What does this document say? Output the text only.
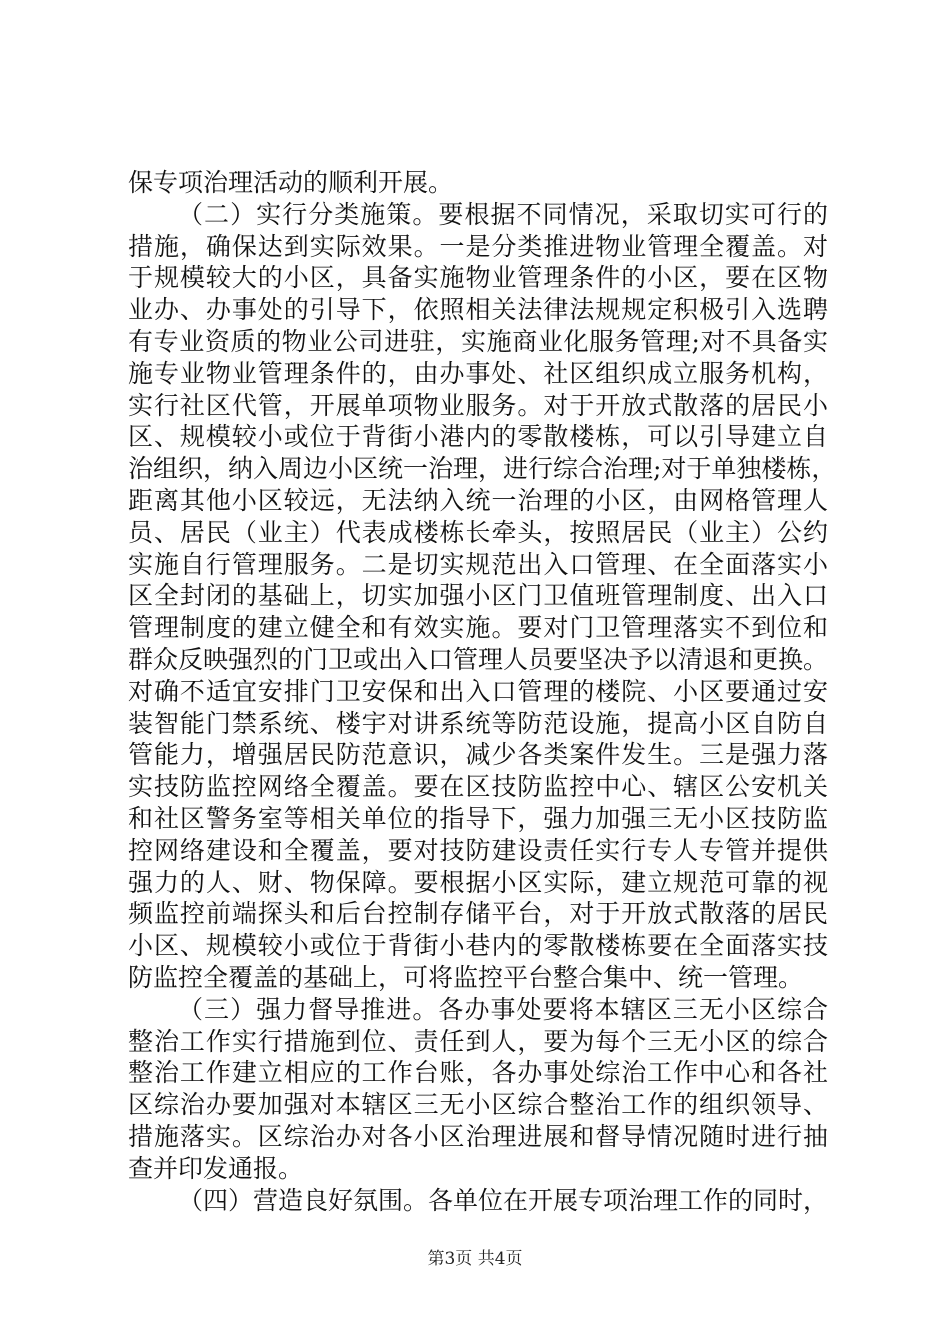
保专项治理活动的顺利开展。
（二）实行分类施策。要根据不同情况，采取切实可行的
措施，确保达到实际效果。一是分类推进物业管理全覆盖。对
于规模较大的小区，具备实施物业管理条件的小区，要在区物
业办、办事处的引导下，依照相关法律法规规定积极引入选聘
有专业资质的物业公司进驻，实施商业化服务管理;对不具备实
施专业物业管理条件的，由办事处、社区组织成立服务机构，
实行社区代管，开展单项物业服务。对于开放式散落的居民小
区、规模较小或位于背街小港内的零散楼栋，可以引导建立自
治组织，纳入周边小区统一治理，进行综合治理;对于单独楼栋，
距离其他小区较远，无法纳入统一治理的小区，由网格管理人
员、居民（业主）代表成楼栋长牵头，按照居民（业主）公约
实施自行管理服务。二是切实规范出入口管理、在全面落实小
区全封闭的基础上，切实加强小区门卫值班管理制度、出入口
管理制度的建立健全和有效实施。要对门卫管理落实不到位和
群众反映强烈的门卫或出入口管理人员要坚决予以清退和更换。
对确不适宜安排门卫安保和出入口管理的楼院、小区要通过安
装智能门禁系统、楼宇对讲系统等防范设施，提高小区自防自
管能力，增强居民防范意识，减少各类案件发生。三是强力落
实技防监控网络全覆盖。要在区技防监控中心、辖区公安机关
和社区警务室等相关单位的指导下，强力加强三无小区技防监
控网络建设和全覆盖，要对技防建设责任实行专人专管并提供
强力的人、财、物保障。要根据小区实际，建立规范可靠的视
频监控前端探头和后台控制存储平台，对于开放式散落的居民
小区、规模较小或位于背街小巷内的零散楼栋要在全面落实技
防监控全覆盖的基础上，可将监控平台整合集中、统一管理。
（三）强力督导推进。各办事处要将本辖区三无小区综合
整治工作实行措施到位、责任到人，要为每个三无小区的综合
整治工作建立相应的工作台账，各办事处综治工作中心和各社
区综治办要加强对本辖区三无小区综合整治工作的组织领导、
措施落实。区综治办对各小区治理进展和督导情况随时进行抽
查并印发通报。
（四）营造良好氛围。各单位在开展专项治理工作的同时，
第3页 共4页
